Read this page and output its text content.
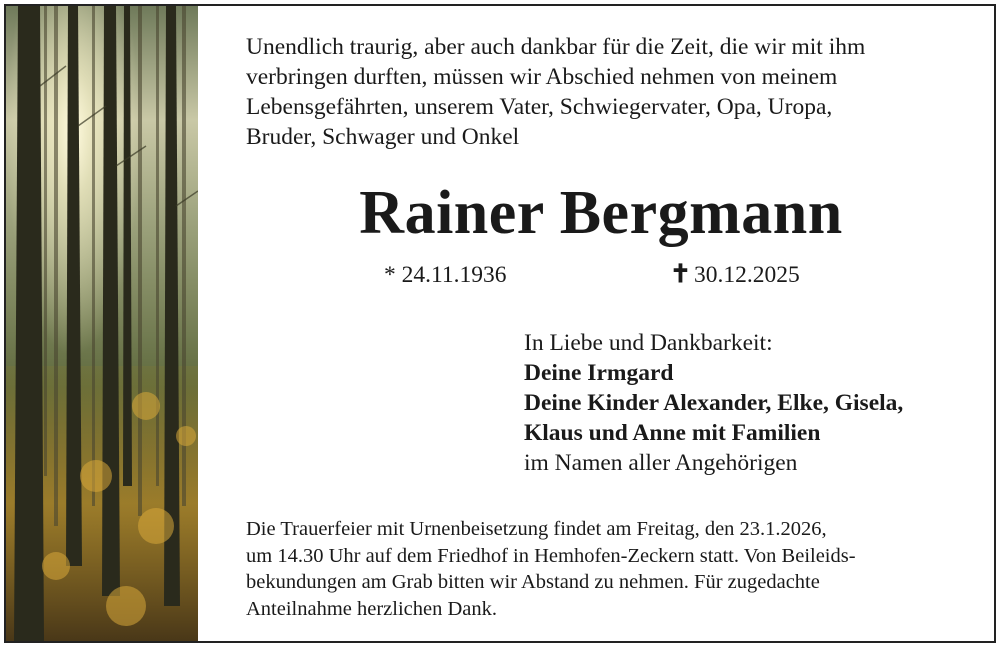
Unendlich traurig, aber auch dankbar für die Zeit, die wir mit ihm
verbringen durften, müssen wir Abschied nehmen von meinem
Lebensgefährten, unserem Vater, Schwiegervater, Opa, Uropa,
Bruder, Schwager und Onkel
Rainer Bergmann
* 24.11.1936	✝ 30.12.2025
In Liebe und Dankbarkeit:
Deine Irmgard
Deine Kinder Alexander, Elke, Gisela,
Klaus und Anne mit Familien
im Namen aller Angehörigen
Die Trauerfeier mit Urnenbeisetzung findet am Freitag, den 23.1.2026,
um 14.30 Uhr auf dem Friedhof in Hemhofen-Zeckern statt. Von Beileids-
bekundungen am Grab bitten wir Abstand zu nehmen. Für zugedachte
Anteilnahme herzlichen Dank.
